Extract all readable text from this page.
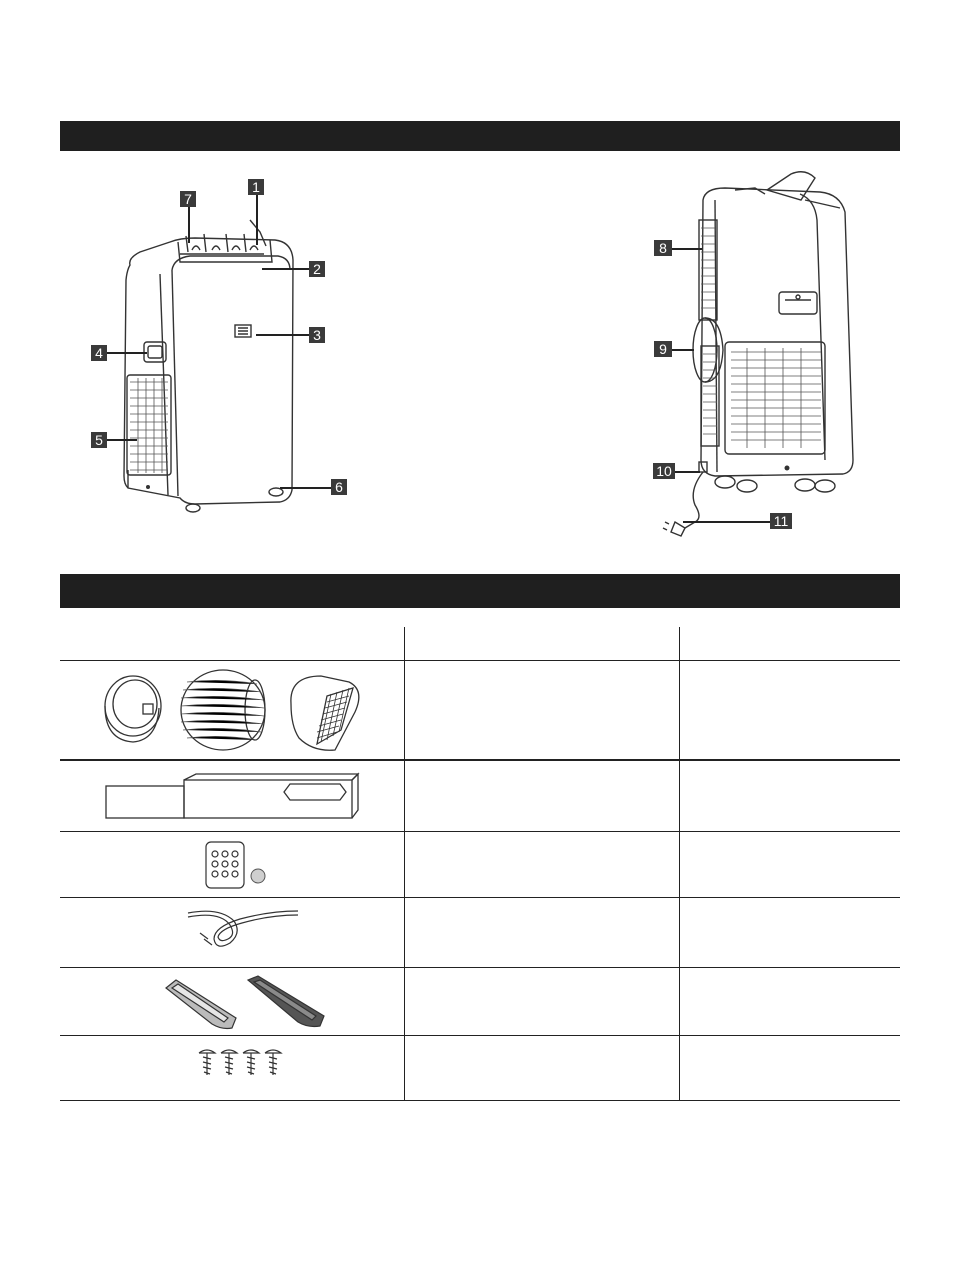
1
7
2
3
4
5
6
8
9
10
11
